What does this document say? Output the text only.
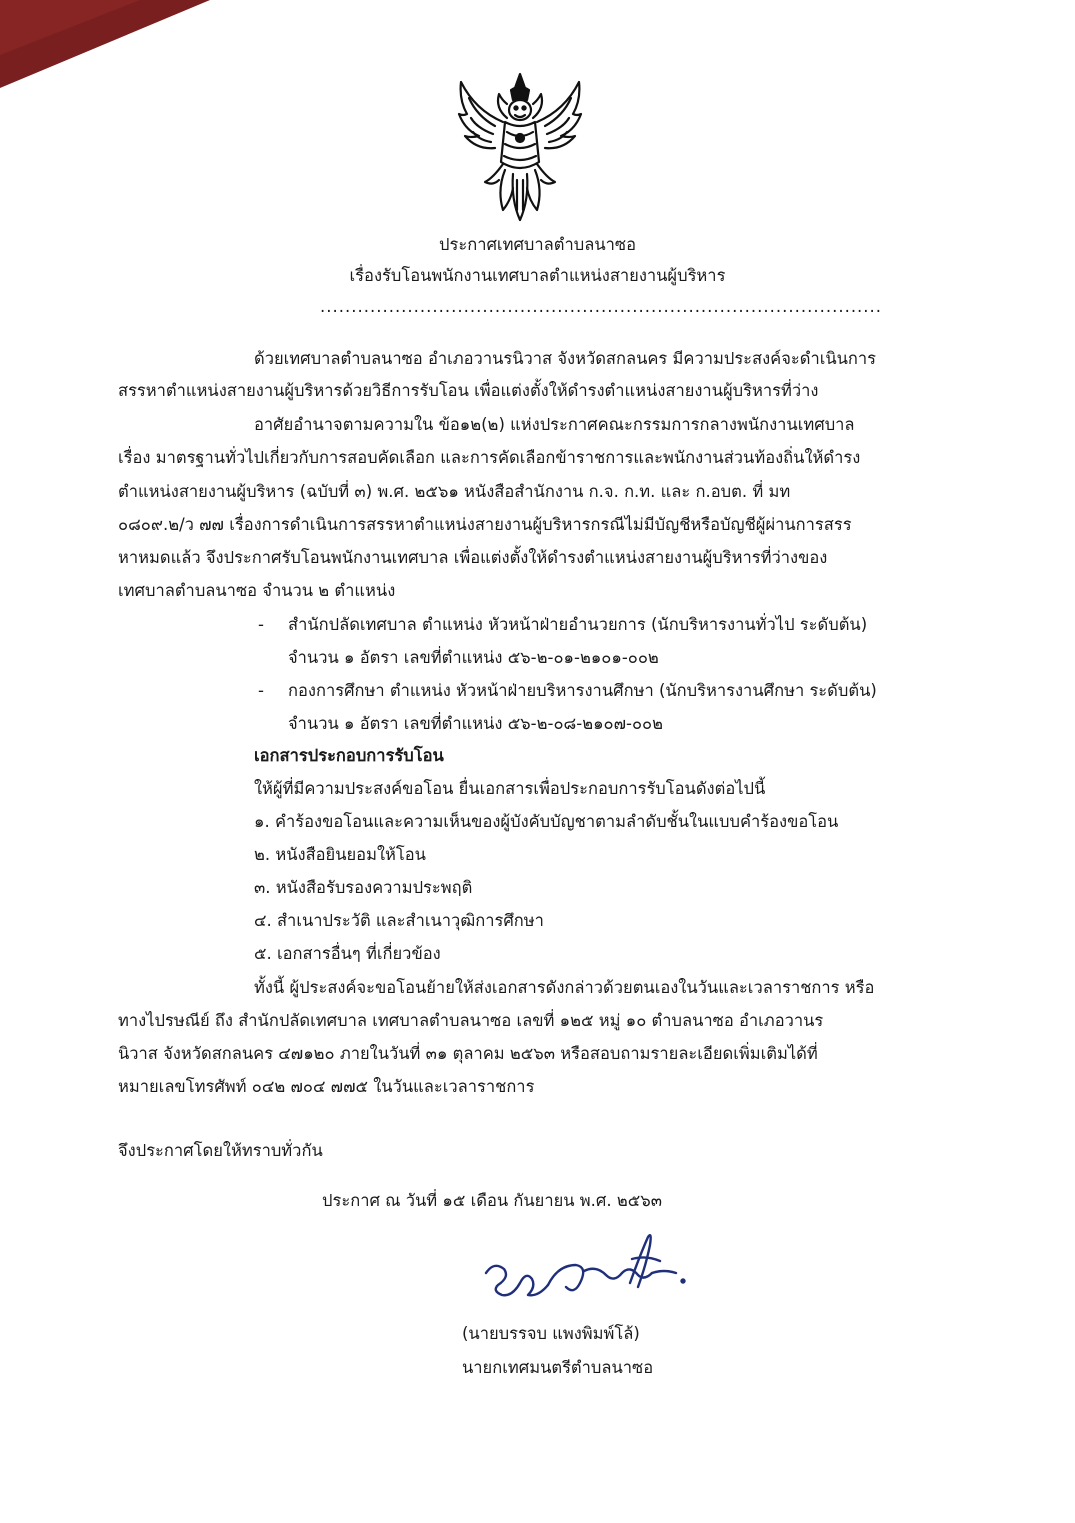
ประกาศเทศบาลตำบลนาซอ
เรื่องรับโอนพนักงานเทศบาลตำแหน่งสายงานผู้บริหาร
..........................................................................................
ด้วยเทศบาลตำบลนาซอ อำเภอวานรนิวาส จังหวัดสกลนคร มีความประสงค์จะดำเนินการ
สรรหาตำแหน่งสายงานผู้บริหารด้วยวิธีการรับโอน เพื่อแต่งตั้งให้ดำรงตำแหน่งสายงานผู้บริหารที่ว่าง
อาศัยอำนาจตามความใน ข้อ๑๒(๒) แห่งประกาศคณะกรรมการกลางพนักงานเทศบาล
เรื่อง มาตรฐานทั่วไปเกี่ยวกับการสอบคัดเลือก และการคัดเลือกข้าราชการและพนักงานส่วนท้องถิ่นให้ดำรง
ตำแหน่งสายงานผู้บริหาร (ฉบับที่ ๓) พ.ศ. ๒๕๖๑ หนังสือสำนักงาน ก.จ. ก.ท. และ ก.อบต. ที่ มท
๐๘๐๙.๒/ว ๗๗ เรื่องการดำเนินการสรรหาตำแหน่งสายงานผู้บริหารกรณีไม่มีบัญชีหรือบัญชีผู้ผ่านการสรร
หาหมดแล้ว จึงประกาศรับโอนพนักงานเทศบาล เพื่อแต่งตั้งให้ดำรงตำแหน่งสายงานผู้บริหารที่ว่างของ
เทศบาลตำบลนาซอ จำนวน ๒ ตำแหน่ง
- สำนักปลัดเทศบาล ตำแหน่ง หัวหน้าฝ่ายอำนวยการ (นักบริหารงานทั่วไป ระดับต้น)
จำนวน ๑ อัตรา เลขที่ตำแหน่ง ๕๖-๒-๐๑-๒๑๐๑-๐๐๒
- กองการศึกษา ตำแหน่ง หัวหน้าฝ่ายบริหารงานศึกษา (นักบริหารงานศึกษา ระดับต้น)
จำนวน ๑ อัตรา เลขที่ตำแหน่ง ๕๖-๒-๐๘-๒๑๐๗-๐๐๒
เอกสารประกอบการรับโอน
ให้ผู้ที่มีความประสงค์ขอโอน ยื่นเอกสารเพื่อประกอบการรับโอนดังต่อไปนี้
๑. คำร้องขอโอนและความเห็นของผู้บังคับบัญชาตามลำดับชั้นในแบบคำร้องขอโอน
๒. หนังสือยินยอมให้โอน
๓. หนังสือรับรองความประพฤติ
๔. สำเนาประวัติ และสำเนาวุฒิการศึกษา
๕. เอกสารอื่นๆ ที่เกี่ยวข้อง
ทั้งนี้ ผู้ประสงค์จะขอโอนย้ายให้ส่งเอกสารดังกล่าวด้วยตนเองในวันและเวลาราชการ หรือ
ทางไปรษณีย์ ถึง สำนักปลัดเทศบาล เทศบาลตำบลนาซอ เลขที่ ๑๒๕ หมู่ ๑๐ ตำบลนาซอ อำเภอวานร
นิวาส จังหวัดสกลนคร ๔๗๑๒๐ ภายในวันที่ ๓๑ ตุลาคม ๒๕๖๓ หรือสอบถามรายละเอียดเพิ่มเติมได้ที่
หมายเลขโทรศัพท์ ๐๔๒ ๗๐๔ ๗๗๕ ในวันและเวลาราชการ
จึงประกาศโดยให้ทราบทั่วกัน
ประกาศ ณ วันที่ ๑๕ เดือน กันยายน พ.ศ. ๒๕๖๓
(นายบรรจบ แพงพิมพ์โล้)
นายกเทศมนตรีตำบลนาซอ
